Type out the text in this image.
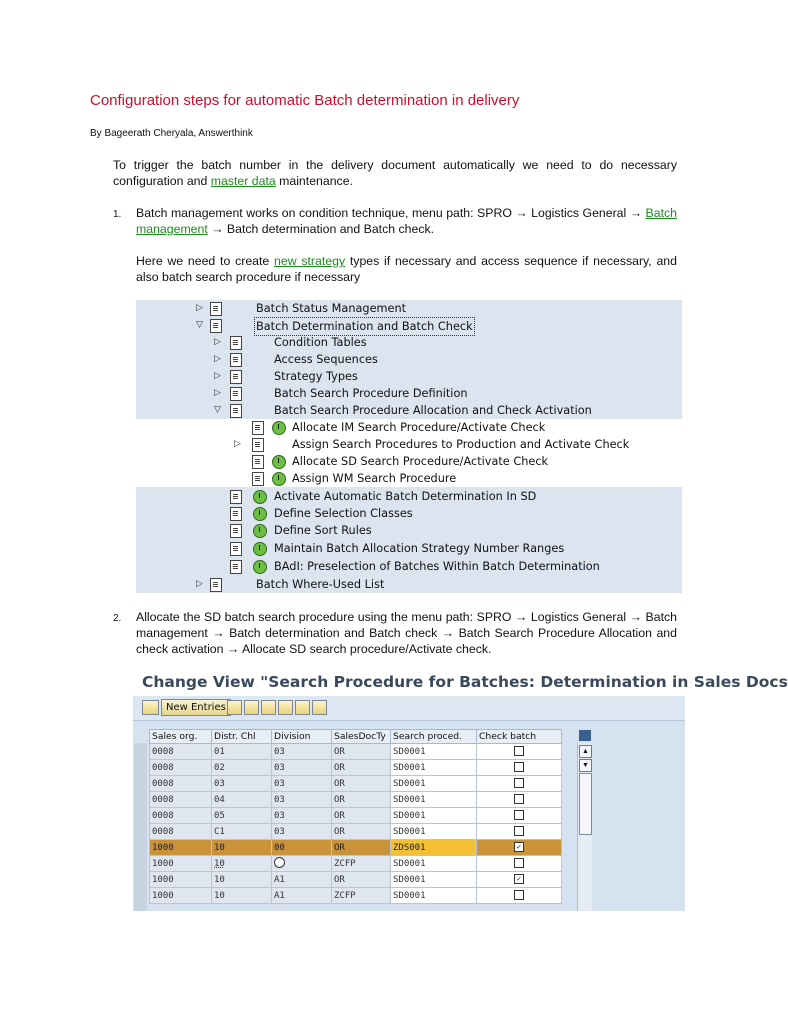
Configuration steps for automatic Batch determination in delivery
By Bageerath Cheryala, Answerthink
To trigger the batch number in the delivery document automatically we need to do necessary configuration and master data maintenance.
1. Batch management works on condition technique, menu path: SPRO → Logistics General → Batch management → Batch determination and Batch check.
Here we need to create new strategy types if necessary and access sequence if necessary, and also batch search procedure if necessary
▷	Batch Status Management
▽	Batch Determination and Batch Check
▷	Condition Tables
▷	Access Sequences
▷	Strategy Types
▷	Batch Search Procedure Definition
▽	Batch Search Procedure Allocation and Check Activation
Allocate IM Search Procedure/Activate Check
▷	Assign Search Procedures to Production and Activate Check
Allocate SD Search Procedure/Activate Check
Assign WM Search Procedure
Activate Automatic Batch Determination In SD
Define Selection Classes
Define Sort Rules
Maintain Batch Allocation Strategy Number Ranges
BAdI: Preselection of Batches Within Batch Determination
▷	Batch Where-Used List
2. Allocate the SD batch search procedure using the menu path: SPRO → Logistics General → Batch management → Batch determination and Batch check → Batch Search Procedure Allocation and check activation → Allocate SD search procedure/Activate check.
Change View "Search Procedure for Batches: Determination in Sales Docs
New Entries
Sales org.	Distr. Chl	Division	SalesDocTy	Search proced.	Check batch
0008	01	03	OR	SD0001	
0008	02	03	OR	SD0001	
0008	03	03	OR	SD0001	
0008	04	03	OR	SD0001	
0008	05	03	OR	SD0001	
0008	C1	03	OR	SD0001	
1000	10	00	OR	ZDS001	✓
1000	10		ZCFP	SD0001	
1000	10	A1	OR	SD0001	✓
1000	10	A1	ZCFP	SD0001	
▲
▼
